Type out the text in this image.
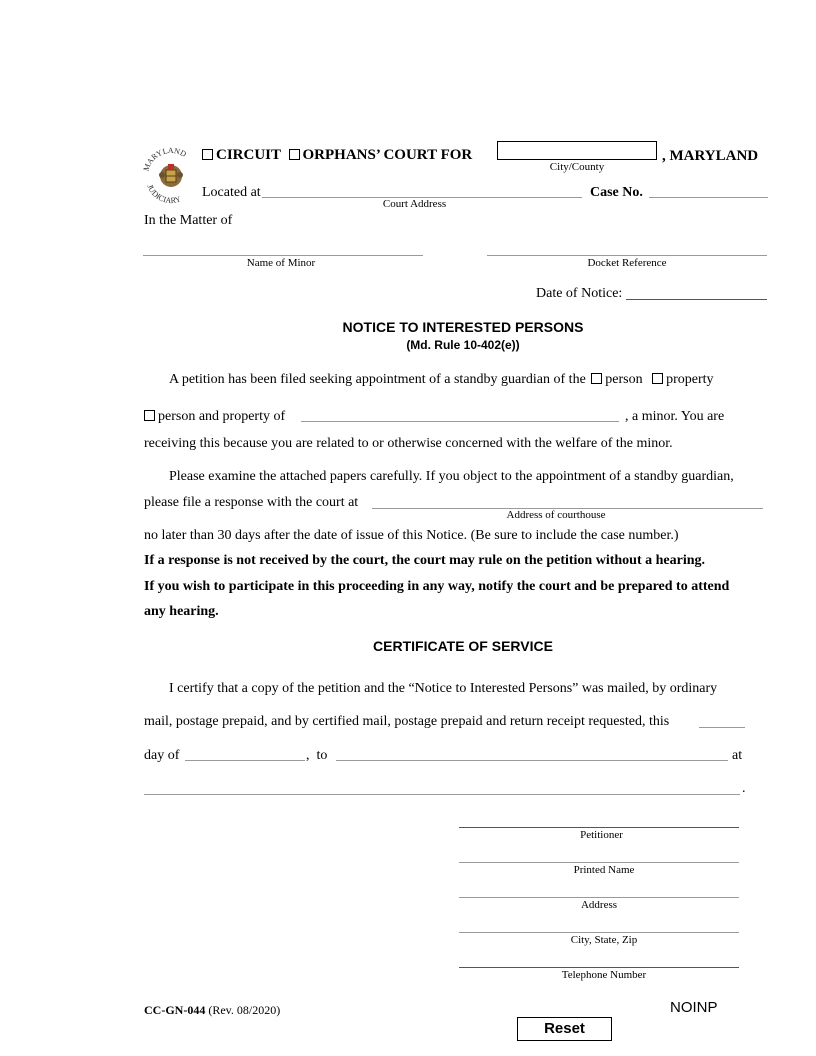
MARYLAND
JUDICIARY
CIRCUIT ORPHANS’ COURT FOR
City/County
, MARYLAND
Located at
Court Address
Case No.
In the Matter of
Name of Minor	Docket Reference
Date of Notice:
NOTICE TO INTERESTED PERSONS
(Md. Rule 10-402(e))
A petition has been filed seeking appointment of a standby guardian of the person property
person and property of	, a minor. You are
receiving this because you are related to or otherwise concerned with the welfare of the minor.
Please examine the attached papers carefully. If you object to the appointment of a standby guardian,
please file a response with the court at
Address of courthouse
no later than 30 days after the date of issue of this Notice. (Be sure to include the case number.)
If a response is not received by the court, the court may rule on the petition without a hearing.
If you wish to participate in this proceeding in any way, notify the court and be prepared to attend
any hearing.
CERTIFICATE OF SERVICE
I certify that a copy of the petition and the “Notice to Interested Persons” was mailed, by ordinary
mail, postage prepaid, and by certified mail, postage prepaid and return receipt requested, this
day of	,  to	at
.
Petitioner
Printed Name
Address
City, State, Zip
Telephone Number
CC-GN-044 (Rev. 08/2020)	NOINP
Reset
